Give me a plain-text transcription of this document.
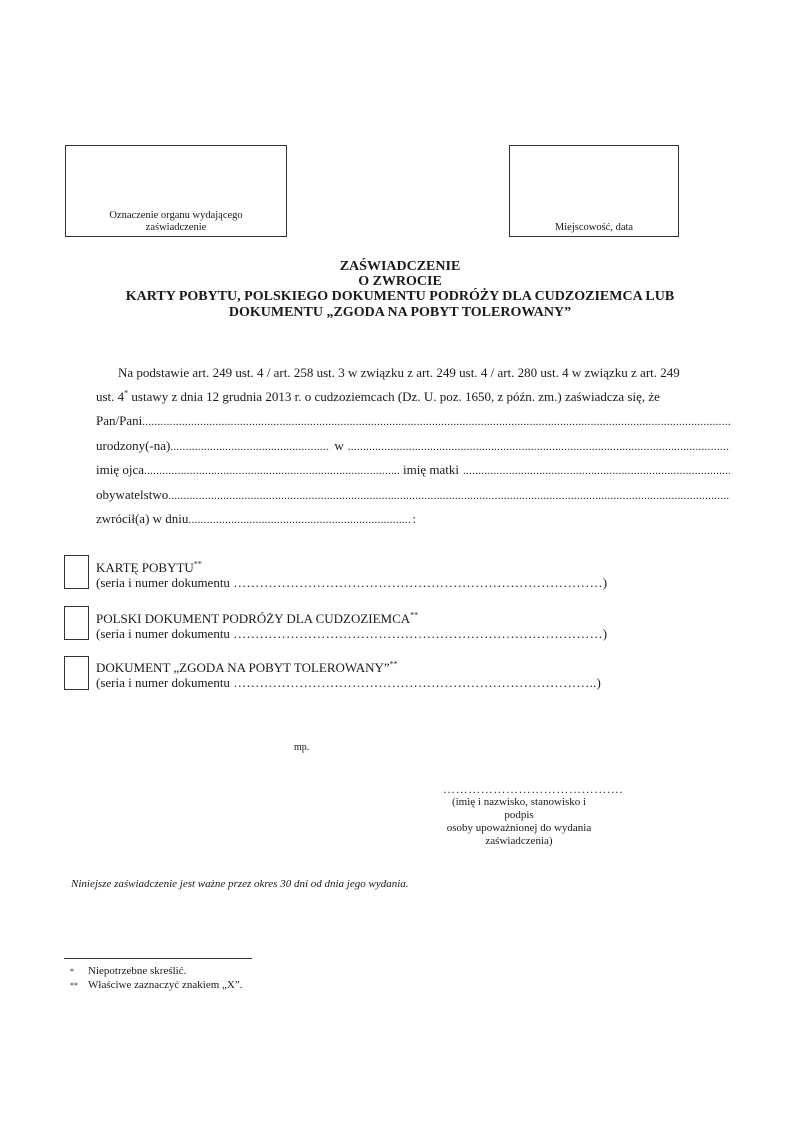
Oznaczenie organu wydającego zaświadczenie	Miejscowość, data
ZAŚWIADCZENIE
O ZWROCIE
KARTY POBYTU, POLSKIEGO DOKUMENTU PODRÓŻY DLA CUDZOZIEMCA LUB
DOKUMENTU „ZGODA NA POBYT TOLEROWANY”
Na podstawie art. 249 ust. 4 / art. 258 ust. 3 w związku z art. 249 ust. 4 / art. 280 ust. 4 w związku z art. 249
ust. 4* ustawy z dnia 12 grudnia 2013 r. o cudzoziemcach (Dz. U. poz. 1650, z późn. zm.) zaświadcza się, że
Pan/Pani
.....
urodzony(-na) .....	w
.....
imię ojca .....	imię matki
.....
obywatelstwo
.....
zwrócił(a) w dniu .....	:
KARTĘ POBYTU**
(seria i numer dokumentu …………………………………………………………………………)
POLSKI DOKUMENT PODRÓŻY DLA CUDZOZIEMCA**
(seria i numer dokumentu …………………………………………………………………………)
DOKUMENT „ZGODA NA POBYT TOLEROWANY”**
(seria i numer dokumentu ………………………………………………………………………..)
mp.
…………………………………….
(imię i nazwisko, stanowisko i podpis
osoby upoważnionej do wydania
zaświadczenia)
Niniejsze zaświadczenie jest ważne przez okres 30 dni od dnia jego wydania.
* Niepotrzebne skreślić.
** Właściwe zaznaczyć znakiem „X”.
